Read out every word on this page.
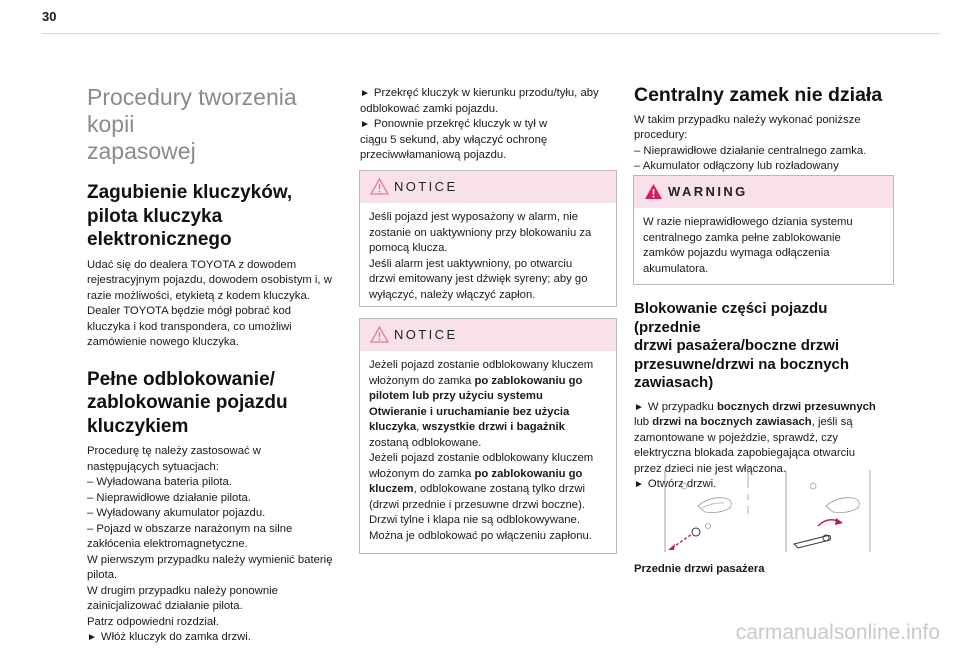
30
Procedury tworzenia kopii
zapasowej
Zagubienie kluczyków,
pilota kluczyka
elektronicznego

Udać się do dealera TOYOTA z dowodem

rejestracyjnym pojazdu, dowodem osobistym i, w

razie możliwości, etykietą z kodem kluczyka.

Dealer TOYOTA będzie mógł pobrać kod

kluczyka i kod transpondera, co umożliwi

zamówienie nowego kluczyka.

Pełne odblokowanie/
zablokowanie pojazdu
kluczykiem

Procedurę tę należy zastosować w

następujących sytuacjach:

– Wyładowana bateria pilota.

– Nieprawidłowe działanie pilota.

– Wyładowany akumulator pojazdu.

– Pojazd w obszarze narażonym na silne

zakłócenia elektromagnetyczne.

W pierwszym przypadku należy wymienić baterię

pilota.

W drugim przypadku należy ponownie

zainicjalizować działanie pilota.

Patrz odpowiedni rozdział.

► Włóż kluczyk do zamka drzwi.

► Przekręć kluczyk w kierunku przodu/tyłu, aby

odblokować zamki pojazdu.

► Ponownie przekręć kluczyk w tył w

ciągu 5 sekund, aby włączyć ochronę

przeciwwłamaniową pojazdu.

NOTICE

Jeśli pojazd jest wyposażony w alarm, nie

zostanie on uaktywniony przy blokowaniu za

pomocą klucza.

Jeśli alarm jest uaktywniony, po otwarciu

drzwi emitowany jest dźwięk syreny; aby go

wyłączyć, należy włączyć zapłon.

NOTICE

Jeżeli pojazd zostanie odblokowany kluczem

włożonym do zamka po zablokowaniu go

pilotem lub przy użyciu systemu

Otwieranie i uruchamianie bez użycia

kluczyka, wszystkie drzwi i bagażnik

zostaną odblokowane.

Jeżeli pojazd zostanie odblokowany kluczem

włożonym do zamka po zablokowaniu go

kluczem, odblokowane zostaną tylko drzwi

(drzwi przednie i przesuwne drzwi boczne).

Drzwi tylne i klapa nie są odblokowywane.

Można je odblokować po włączeniu zapłonu.

Centralny zamek nie działa

W takim przypadku należy wykonać poniższe

procedury:

– Nieprawidłowe działanie centralnego zamka.

– Akumulator odłączony lub rozładowany

WARNING

W razie nieprawidłowego dziania systemu

centralnego zamka pełne zablokowanie

zamków pojazdu wymaga odłączenia

akumulatora.

Blokowanie części pojazdu (przednie
drzwi pasażera/boczne drzwi
przesuwne/drzwi na bocznych
zawiasach)

► W przypadku bocznych drzwi przesuwnych

lub drzwi na bocznych zawiasach, jeśli są

zamontowane w pojeździe, sprawdź, czy

elektryczna blokada zapobiegająca otwarciu

przez dzieci nie jest włączona.

► Otwórz drzwi.

Przednie drzwi pasażera
carmanualsonline.info
